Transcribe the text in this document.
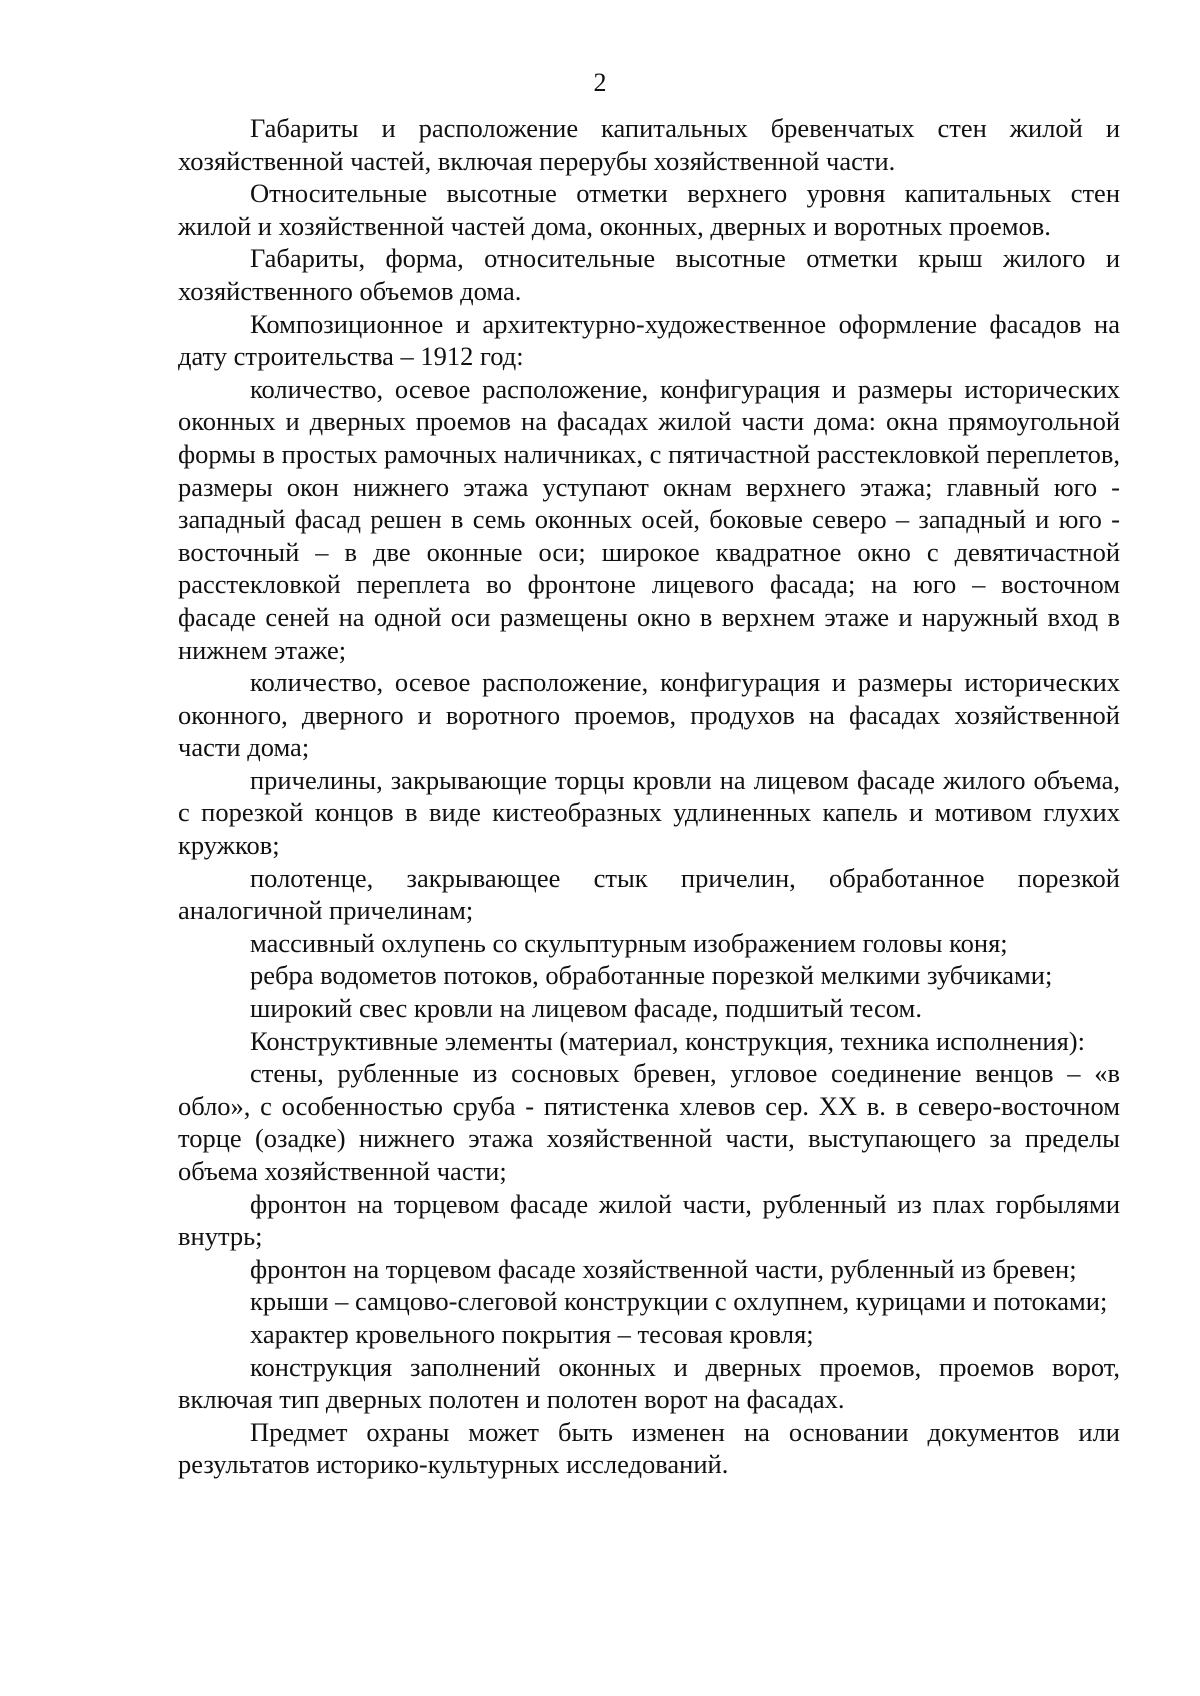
2

Габариты и расположение капитальных бревенчатых стен жилой и хозяйственной частей, включая перерубы хозяйственной части.

Относительные высотные отметки верхнего уровня капитальных стен жилой и хозяйственной частей дома, оконных, дверных и воротных проемов.

Габариты, форма, относительные высотные отметки крыш жилого и хозяйственного объемов дома.

Композиционное и архитектурно-художественное оформление фасадов на дату строительства – 1912 год:

количество, осевое расположение, конфигурация и размеры исторических оконных и дверных проемов на фасадах жилой части дома: окна прямоугольной формы в простых рамочных наличниках, с пятичастной расстекловкой переплетов, размеры окон нижнего этажа уступают окнам верхнего этажа; главный юго - западный фасад решен в семь оконных осей, боковые северо – западный и юго - восточный – в две оконные оси; широкое квадратное окно с девятичастной расстекловкой переплета во фронтоне лицевого фасада; на юго – восточном фасаде сеней на одной оси размещены окно в верхнем этаже и наружный вход в нижнем этаже;

количество, осевое расположение, конфигурация и размеры исторических оконного, дверного и воротного проемов, продухов на фасадах хозяйственной части дома;

причелины, закрывающие торцы кровли на лицевом фасаде жилого объема, с порезкой концов в виде кистеобразных удлиненных капель и мотивом глухих кружков;

полотенце, закрывающее стык причелин, обработанное порезкой аналогичной причелинам;

массивный охлупень со скульптурным изображением головы коня;

ребра водометов потоков, обработанные порезкой мелкими зубчиками;

широкий свес кровли на лицевом фасаде, подшитый тесом.

Конструктивные элементы (материал, конструкция, техника исполнения):

стены, рубленные из сосновых бревен, угловое соединение венцов – «в обло», с особенностью сруба - пятистенка хлевов сер. XX в. в северо-восточном торце (озадке) нижнего этажа хозяйственной части, выступающего за пределы объема хозяйственной части;

фронтон на торцевом фасаде жилой части, рубленный из плах горбылями внутрь;

фронтон на торцевом фасаде хозяйственной части, рубленный из бревен;

крыши – самцово-слеговой конструкции с охлупнем, курицами и потоками;

характер кровельного покрытия – тесовая кровля;

конструкция заполнений оконных и дверных проемов, проемов ворот, включая тип дверных полотен и полотен ворот на фасадах.

Предмет охраны может быть изменен на основании документов или результатов историко-культурных исследований.
